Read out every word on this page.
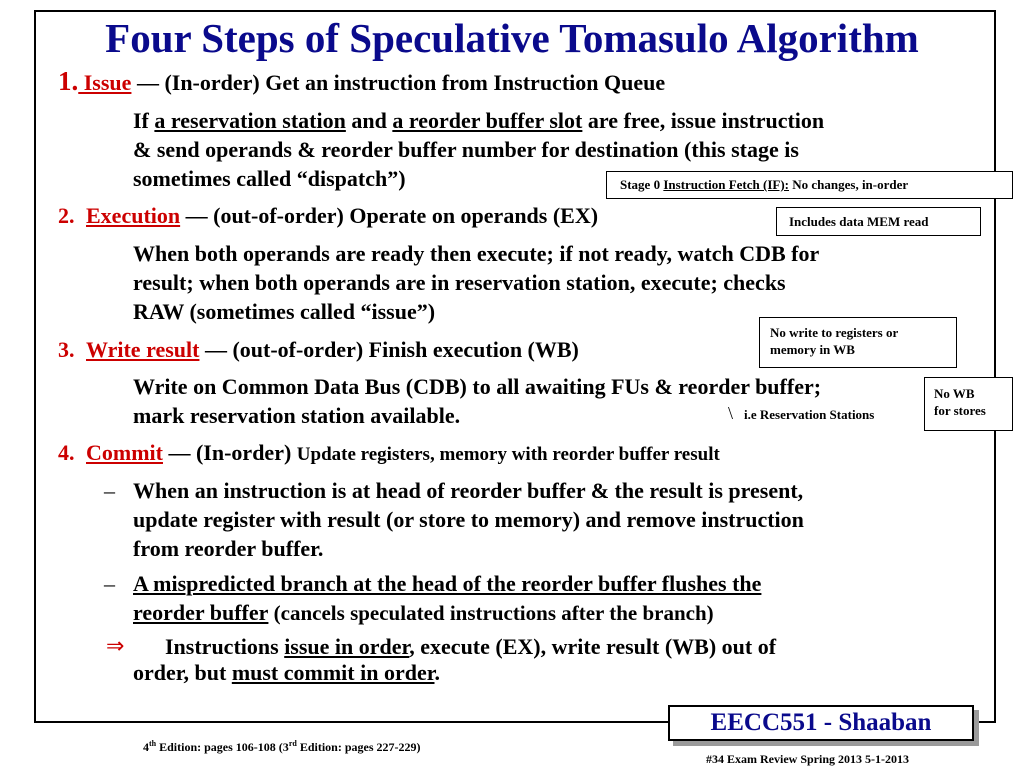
Four Steps of Speculative Tomasulo Algorithm
1. Issue — (In-order) Get an instruction from Instruction Queue
If a reservation station and a reorder buffer slot are free, issue instruction
& send operands & reorder buffer number for destination (this stage is
sometimes called “dispatch”)
2. Execution — (out-of-order) Operate on operands (EX)
When both operands are ready then execute; if not ready, watch CDB for
result; when both operands are in reservation station, execute; checks
RAW (sometimes called “issue”)
3. Write result — (out-of-order) Finish execution (WB)
Write on Common Data Bus (CDB) to all awaiting FUs & reorder buffer;
mark reservation station available.
4. Commit — (In-order) Update registers, memory with reorder buffer result
– When an instruction is at head of reorder buffer & the result is present,
update register with result (or store to memory) and remove instruction
from reorder buffer.
– A mispredicted branch at the head of the reorder buffer flushes the
reorder buffer (cancels speculated instructions after the branch)
⇒ Instructions issue in order, execute (EX), write result (WB) out of
order, but must commit in order.
Stage 0 Instruction Fetch (IF): No changes, in-order
Includes data MEM read
No write to registers or
memory in WB
No WB
for stores
\ i.e Reservation Stations
4th Edition: pages 106-108 (3rd Edition: pages 227-229)
EECC551 - Shaaban
#34 Exam Review Spring 2013 5-1-2013
